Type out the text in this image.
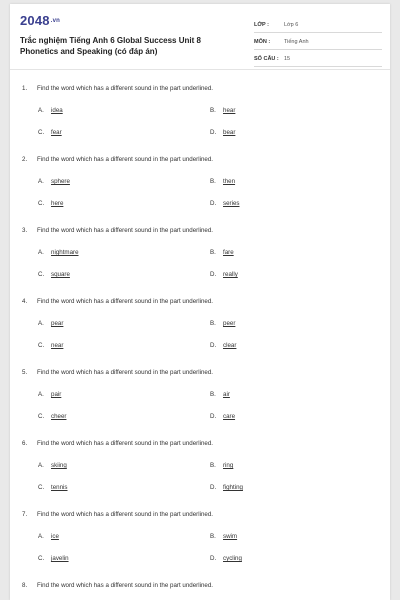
$2048^{.vn}$
Trắc nghiệm Tiếng Anh 6 Global Success Unit 8 Phonetics and Speaking (có đáp án)
LỚP :	Lớp 6
MÔN :	Tiếng Anh
SỐ CÂU : 15
1. Find the word which has a different sound in the part underlined.
A. idea	B. hear
C. fear	D. bear
2. Find the word which has a different sound in the part underlined.
A. sphere	B. then
C. here	D. series
3. Find the word which has a different sound in the part underlined.
A. nightmare	B. fare
C. square	D. really
4. Find the word which has a different sound in the part underlined.
A. pear	B. peer
C. near	D. clear
5. Find the word which has a different sound in the part underlined.
A. pair	B. air
C. cheer	D. care
6. Find the word which has a different sound in the part underlined.
A. skiing	B. ring
C. tennis	D. fighting
7. Find the word which has a different sound in the part underlined.
A. ice	B. swim
C. javelin	D. cycling
8. Find the word which has a different sound in the part underlined.
